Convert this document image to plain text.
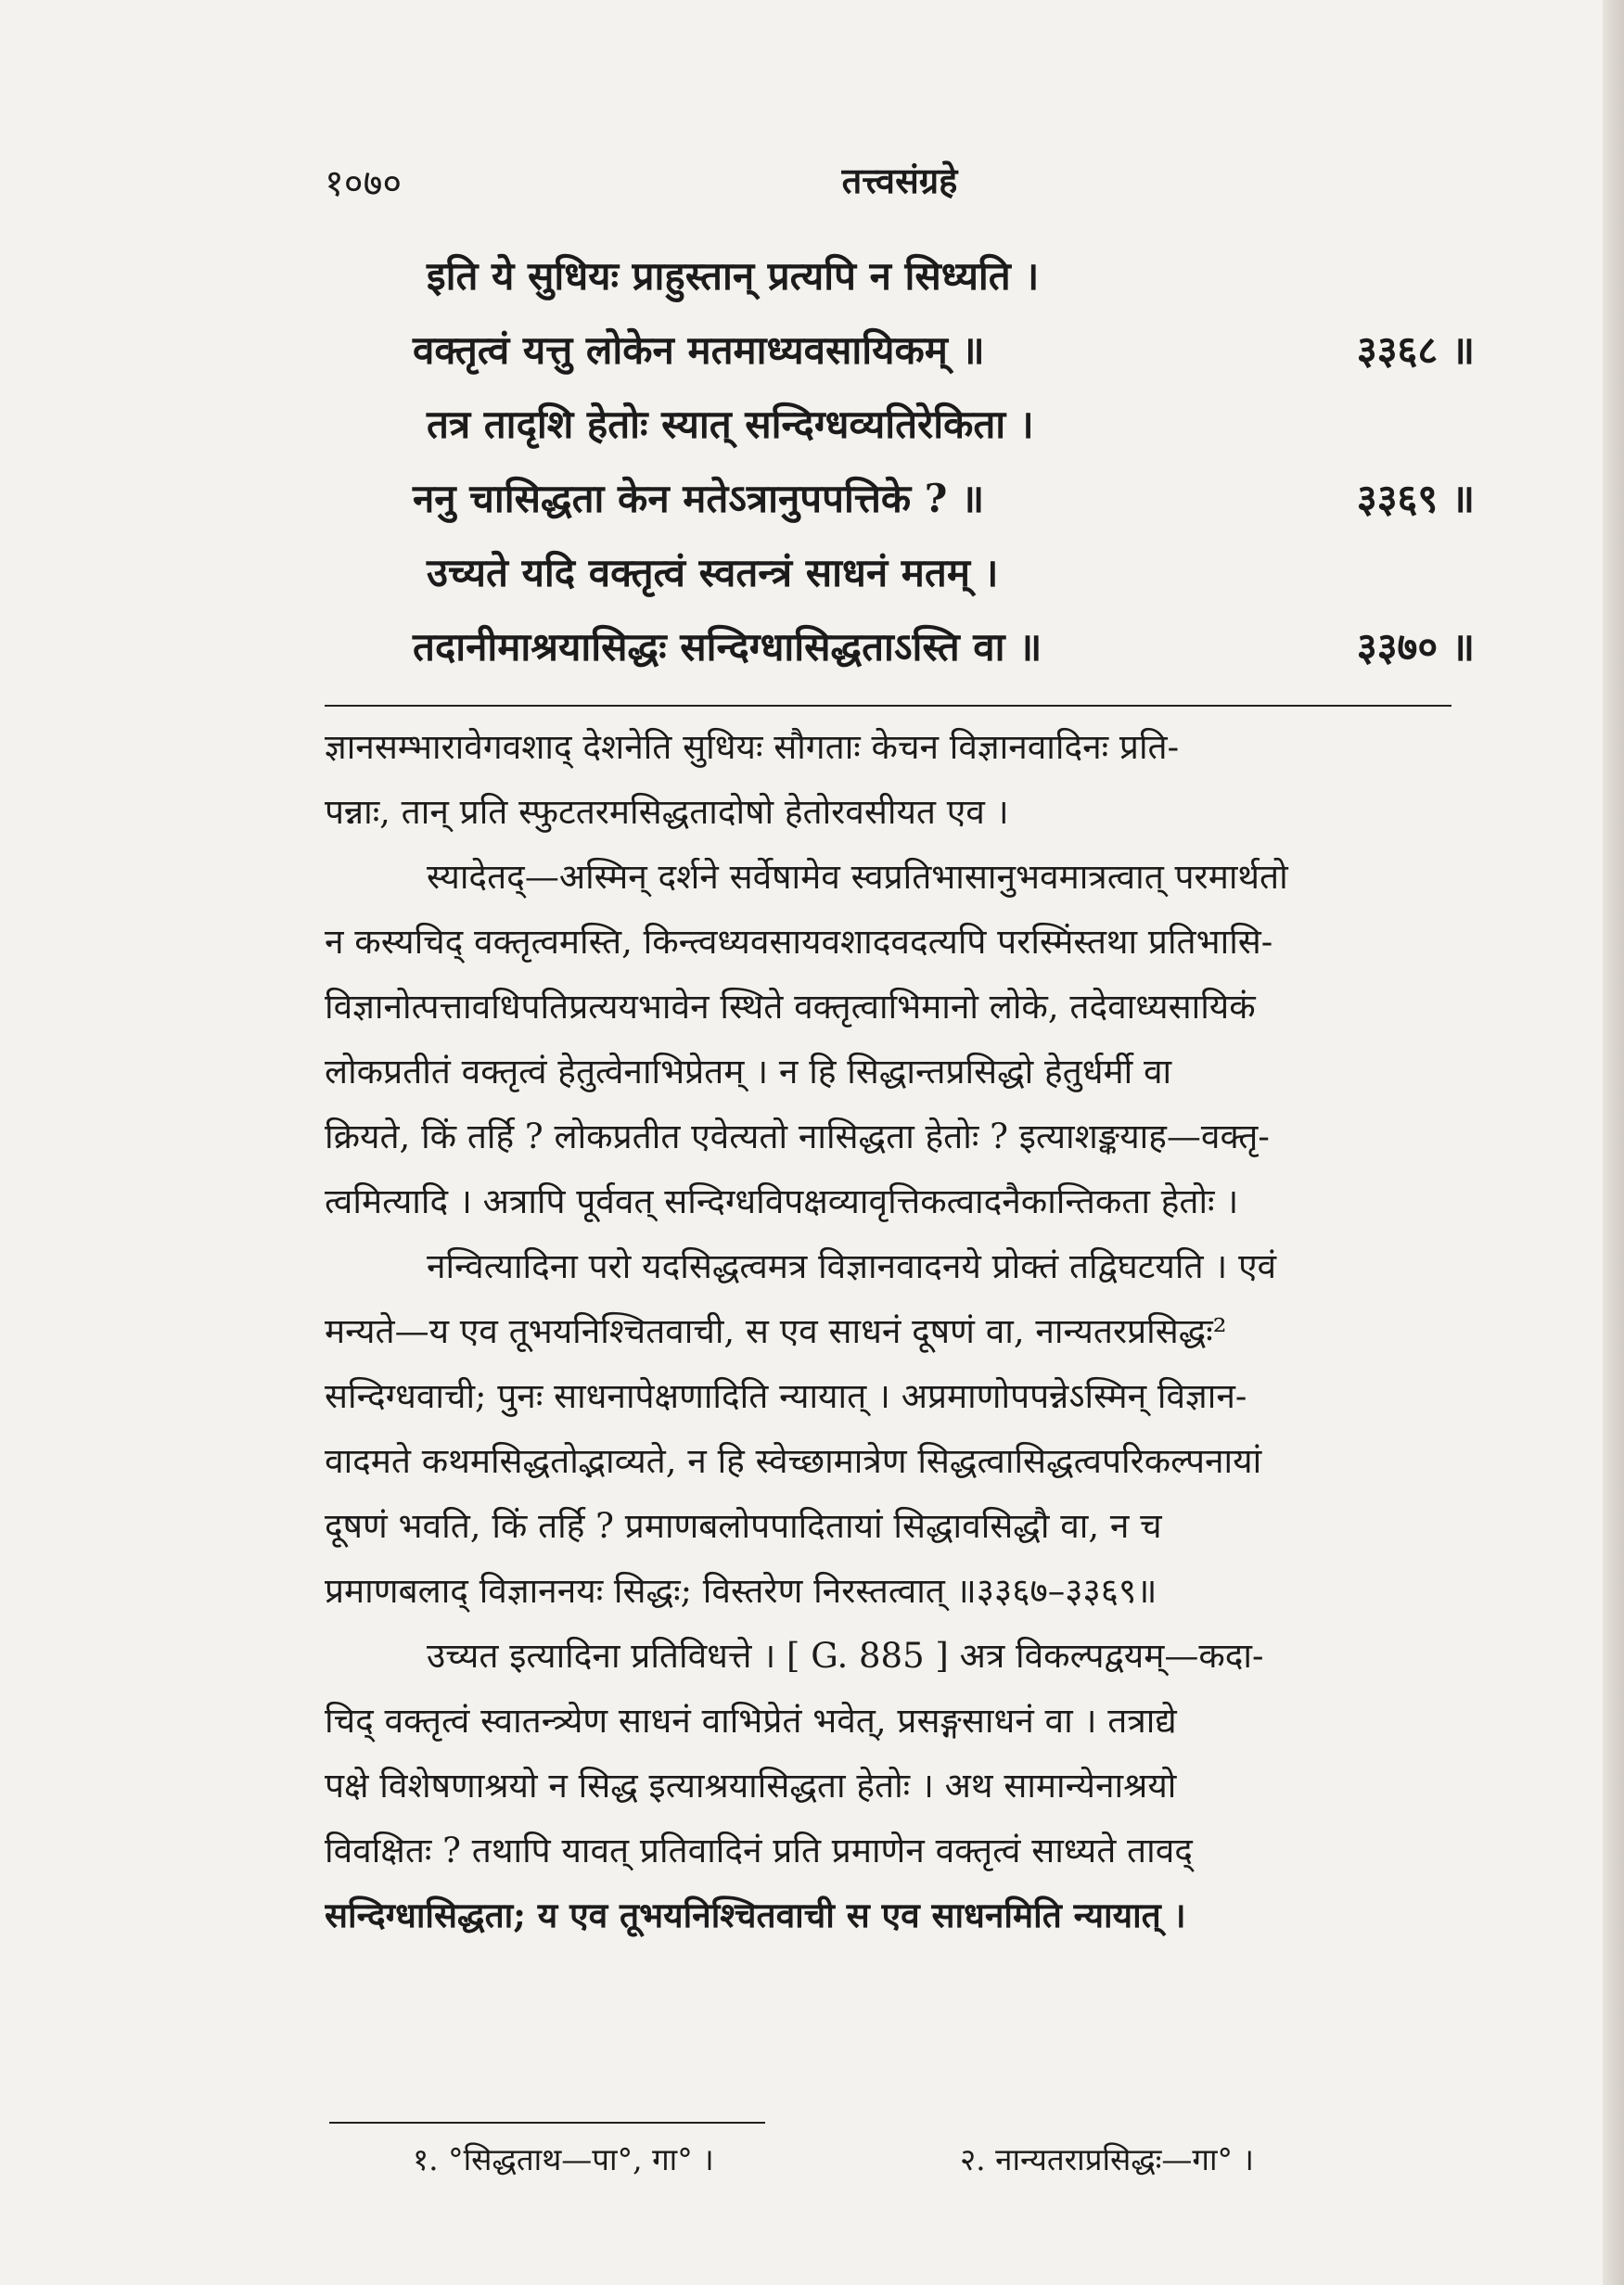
१०७०	तत्त्वसंग्रहे
इति ये सुधियः प्राहुस्तान् प्रत्यपि न सिध्यति ।
वक्तृत्वं यत्तु लोकेन मतमाध्यवसायिकम् ॥	३३६८ ॥
तत्र तादृशि हेतोः स्यात् सन्दिग्धव्यतिरेकिता ।
ननु चासिद्धता केन मतेऽत्रानुपपत्तिके ? ॥	३३६९ ॥
उच्यते यदि वक्तृत्वं स्वतन्त्रं साधनं मतम् ।
तदानीमाश्रयासिद्धः सन्दिग्धासिद्धताऽस्ति वा ॥	३३७० ॥
ज्ञानसम्भारावेगवशाद् देशनेति सुधियः सौगताः केचन विज्ञानवादिनः प्रति-
पन्नाः, तान् प्रति स्फुटतरमसिद्धतादोषो हेतोरवसीयत एव ।
स्यादेतद्—अस्मिन् दर्शने सर्वेषामेव स्वप्रतिभासानुभवमात्रत्वात् परमार्थतो
न कस्यचिद् वक्तृत्वमस्ति, किन्त्वध्यवसायवशादवदत्यपि परस्मिंस्तथा प्रतिभासि-
विज्ञानोत्पत्तावधिपतिप्रत्ययभावेन स्थिते वक्तृत्वाभिमानो लोके, तदेवाध्यसायिकं
लोकप्रतीतं वक्तृत्वं हेतुत्वेनाभिप्रेतम् । न हि सिद्धान्तप्रसिद्धो हेतुर्धर्मी वा
क्रियते, किं तर्हि ? लोकप्रतीत एवेत्यतो नासिद्धता हेतोः ? इत्याशङ्कयाह—वक्तृ-
त्वमित्यादि । अत्रापि पूर्ववत् सन्दिग्धविपक्षव्यावृत्तिकत्वादनैकान्तिकता हेतोः ।
नन्वित्यादिना परो यदसिद्धत्वमत्र विज्ञानवादनये प्रोक्तं तद्विघटयति । एवं
मन्यते—य एव तूभयनिश्चितवाची, स एव साधनं दूषणं वा, नान्यतरप्रसिद्धः²
सन्दिग्धवाची; पुनः साधनापेक्षणादिति न्यायात् । अप्रमाणोपपन्नेऽस्मिन् विज्ञान-
वादमते कथमसिद्धतोद्भाव्यते, न हि स्वेच्छामात्रेण सिद्धत्वासिद्धत्वपरिकल्पनायां
दूषणं भवति, किं तर्हि ? प्रमाणबलोपपादितायां सिद्धावसिद्धौ वा, न च
प्रमाणबलाद् विज्ञाननयः सिद्धः; विस्तरेण निरस्तत्वात् ॥३३६७–३३६९॥
उच्यत इत्यादिना प्रतिविधत्ते । [ G. 885 ] अत्र विकल्पद्वयम्—कदा-
चिद् वक्तृत्वं स्वातन्त्र्येण साधनं वाभिप्रेतं भवेत्, प्रसङ्गसाधनं वा । तत्राद्ये
पक्षे विशेषणाश्रयो न सिद्ध इत्याश्रयासिद्धता हेतोः । अथ सामान्येनाश्रयो
विवक्षितः ? तथापि यावत् प्रतिवादिनं प्रति प्रमाणेन वक्तृत्वं साध्यते तावद्
सन्दिग्धासिद्धता; य एव तूभयनिश्चितवाची स एव साधनमिति न्यायात् ।
१. °सिद्धताथ—पा°, गा° ।	२. नान्यतराप्रसिद्धः—गा° ।
